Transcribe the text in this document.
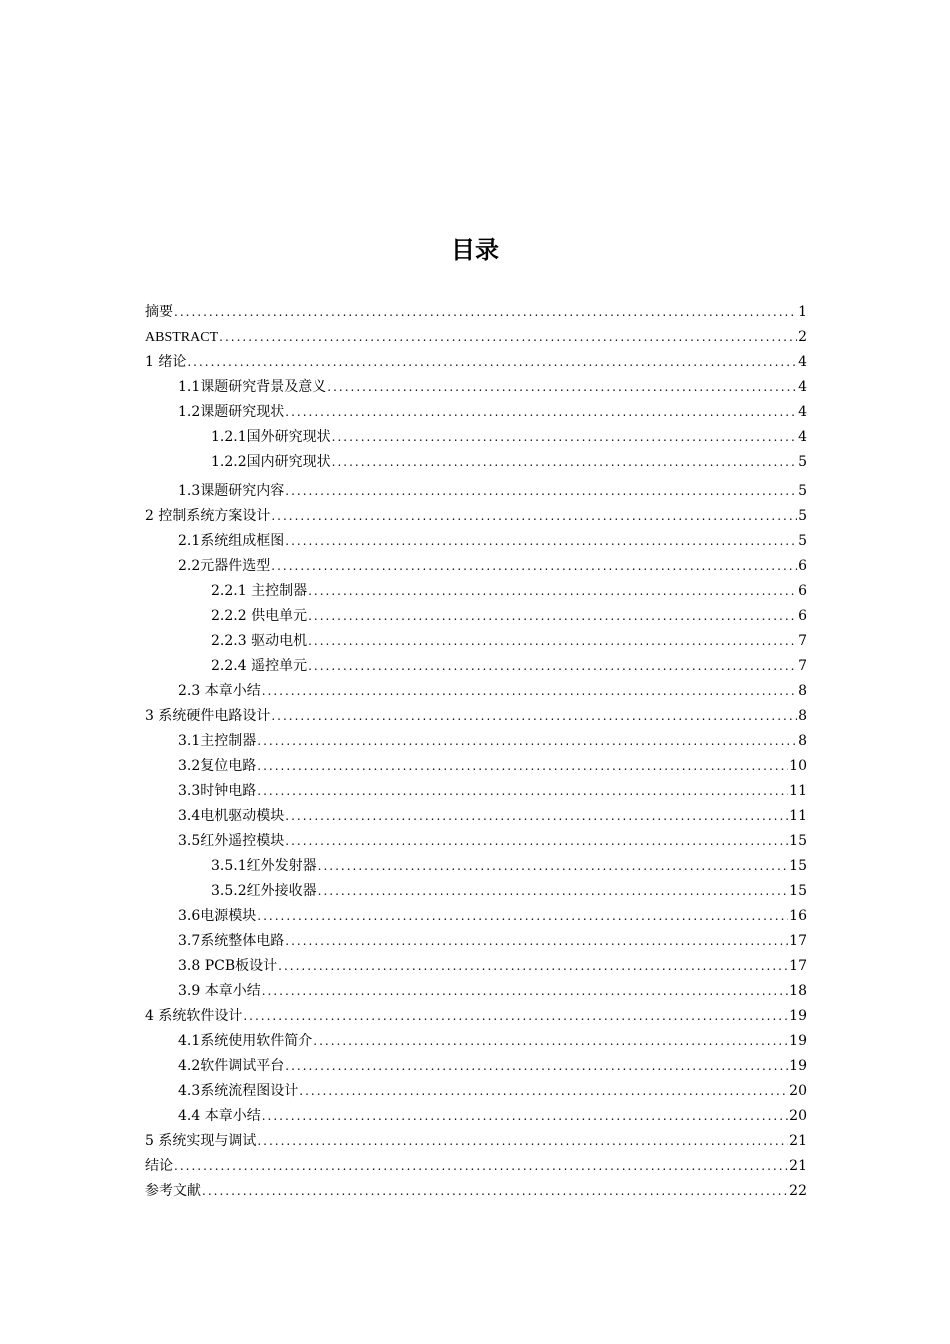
目录
摘要 .....	1
ABSTRACT .....	2
1 绪论 .....	4
1.1课题研究背景及意义 .....	4
1.2课题研究现状 .....	4
1.2.1国外研究现状 .....	4
1.2.2国内研究现状 .....	5
1.3课题研究内容 .....	5
2 控制系统方案设计 .....	5
2.1系统组成框图 .....	5
2.2元器件选型 .....	6
2.2.1 主控制器 .....	6
2.2.2 供电单元 .....	6
2.2.3 驱动电机 .....	7
2.2.4 遥控单元 .....	7
2.3 本章小结 .....	8
3 系统硬件电路设计 .....	8
3.1主控制器 .....	8
3.2复位电路 .....	10
3.3时钟电路 .....	11
3.4电机驱动模块 .....	11
3.5红外遥控模块 .....	15
3.5.1红外发射器 .....	15
3.5.2红外接收器 .....	15
3.6电源模块 .....	16
3.7系统整体电路 .....	17
3.8 PCB板设计 .....	17
3.9 本章小结 .....	18
4 系统软件设计 .....	19
4.1系统使用软件简介 .....	19
4.2软件调试平台 .....	19
4.3系统流程图设计 .....	20
4.4 本章小结 .....	20
5 系统实现与调试 .....	21
结论 .....	21
参考文献 .....	22
